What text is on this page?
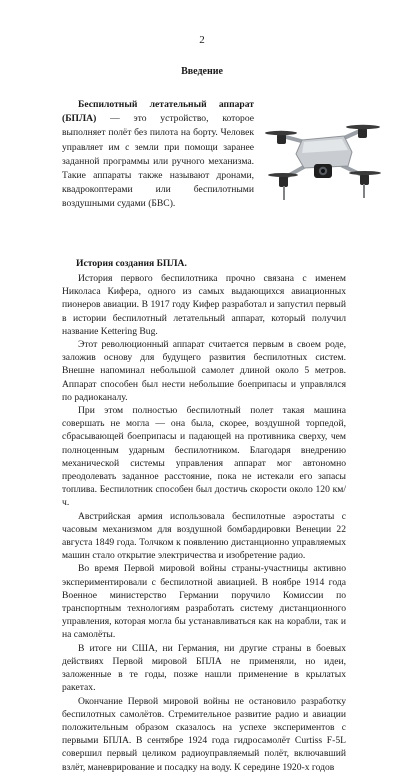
2
Введение

Беспилотный летательный аппарат (БПЛА) — это устройство, которое выполняет полёт без пилота на борту. Человек управляет им с земли при помощи заранее заданной программы или ручного механизма. Такие аппараты также называют дронами, квадрокоптерами или беспилотными воздушными судами (БВС).

История создания БПЛА.

История первого беспилотника прочно связана с именем Николаса Кифера, одного из самых выдающихся авиационных пионеров авиации. В 1917 году Кифер разработал и запустил первый в истории беспилотный летательный аппарат, который получил название Kettering Bug.

Этот революционный аппарат считается первым в своем роде, заложив основу для будущего развития беспилотных систем. Внешне напоминал небольшой самолет длиной около 5 метров. Аппарат способен был нести небольшие боеприпасы и управлялся по радиоканалу.

При этом полностью беспилотный полет такая машина совершать не могла — она была, скорее, воздушной торпедой, сбрасывающей боеприпасы и падающей на противника сверху, чем полноценным ударным беспилотником. Благодаря внедрению механической системы управления аппарат мог автономно преодолевать заданное расстояние, пока не истекали его запасы топлива. Беспилотник способен был достичь скорости около 120 км/ч.

Австрийская армия использовала беспилотные аэростаты с часовым механизмом для воздушной бомбардировки Венеции 22 августа 1849 года. Толчком к появлению дистанционно управляемых машин стало открытие электричества и изобретение радио.

Во время Первой мировой войны страны-участницы активно экспериментировали с беспилотной авиацией. В ноябре 1914 года Военное министерство Германии поручило Комиссии по транспортным технологиям разработать систему дистанционного управления, которая могла бы устанавливаться как на корабли, так и на самолёты.

В итоге ни США, ни Германия, ни другие страны в боевых действиях Первой мировой БПЛА не применяли, но идеи, заложенные в те годы, позже нашли применение в крылатых ракетах.

Окончание Первой мировой войны не остановило разработку беспилотных самолётов. Стремительное развитие радио и авиации положительным образом сказалось на успехе экспериментов с первыми БПЛА. В сентябре 1924 года гидросамолёт Curtiss F-5L совершил первый целиком радиоуправляемый полёт, включавший взлёт, маневрирование и посадку на воду. К середине 1920-х годов
